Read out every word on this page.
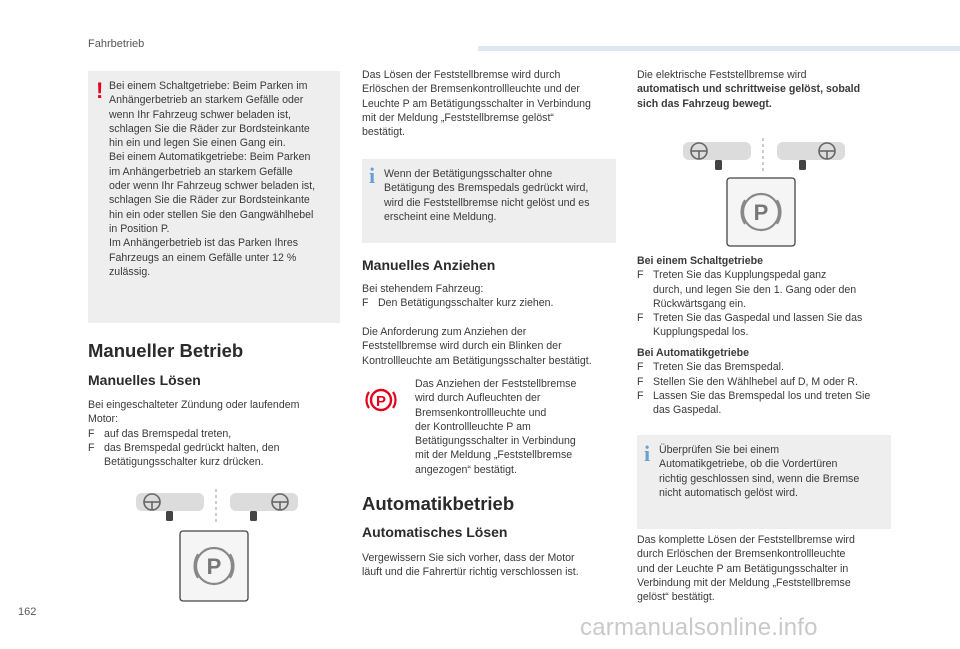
Fahrbetrieb
! Bei einem Schaltgetriebe: Beim Parken im

Anhängerbetrieb an starkem Gefälle oder

wenn Ihr Fahrzeug schwer beladen ist,

schlagen Sie die Räder zur Bordsteinkante

hin ein und legen Sie einen Gang ein.

Bei einem Automatikgetriebe: Beim Parken

im Anhängerbetrieb an starkem Gefälle

oder wenn Ihr Fahrzeug schwer beladen ist,

schlagen Sie die Räder zur Bordsteinkante

hin ein oder stellen Sie den Gangwählhebel

in Position P.

Im Anhängerbetrieb ist das Parken Ihres

Fahrzeugs an einem Gefälle unter 12 %

zulässig.

Manueller Betrieb
Manuelles Lösen

Bei eingeschalteter Zündung oder laufendem

Motor:

F auf das Bremspedal treten,
F das Bremspedal gedrückt halten, den
Betätigungsschalter kurz drücken.
P

Das Lösen der Feststellbremse wird durch

Erlöschen der Bremsenkontrollleuchte und der

Leuchte P am Betätigungsschalter in Verbindung

mit der Meldung „Feststellbremse gelöst“

bestätigt.

i Wenn der Betätigungsschalter ohne

Betätigung des Bremspedals gedrückt wird,

wird die Feststellbremse nicht gelöst und es

erscheint eine Meldung.

Manuelles Anziehen

Bei stehendem Fahrzeug:

F Den Betätigungsschalter kurz ziehen.

Die Anforderung zum Anziehen der

Feststellbremse wird durch ein Blinken der

Kontrollleuchte am Betätigungsschalter bestätigt.

P

Das Anziehen der Feststellbremse

wird durch Aufleuchten der

Bremsenkontrollleuchte und

der Kontrollleuchte P am

Betätigungsschalter in Verbindung

mit der Meldung „Feststellbremse

angezogen“ bestätigt.

Automatikbetrieb
Automatisches Lösen

Vergewissern Sie sich vorher, dass der Motor

läuft und die Fahrertür richtig verschlossen ist.

Die elektrische Feststellbremse wird

automatisch und schrittweise gelöst, sobald

sich das Fahrzeug bewegt.

P

Bei einem Schaltgetriebe

F Treten Sie das Kupplungspedal ganz
durch, und legen Sie den 1. Gang oder den
Rückwärtsgang ein.
F Treten Sie das Gaspedal und lassen Sie das
Kupplungspedal los.

Bei Automatikgetriebe

F Treten Sie das Bremspedal.
F Stellen Sie den Wählhebel auf D, M oder R.
F Lassen Sie das Bremspedal los und treten Sie
das Gaspedal.
i Überprüfen Sie bei einem

Automatikgetriebe, ob die Vordertüren

richtig geschlossen sind, wenn die Bremse

nicht automatisch gelöst wird.

Das komplette Lösen der Feststellbremse wird

durch Erlöschen der Bremsenkontrollleuchte

und der Leuchte P am Betätigungsschalter in

Verbindung mit der Meldung „Feststellbremse

gelöst“ bestätigt.

162
carmanualsonline.info
